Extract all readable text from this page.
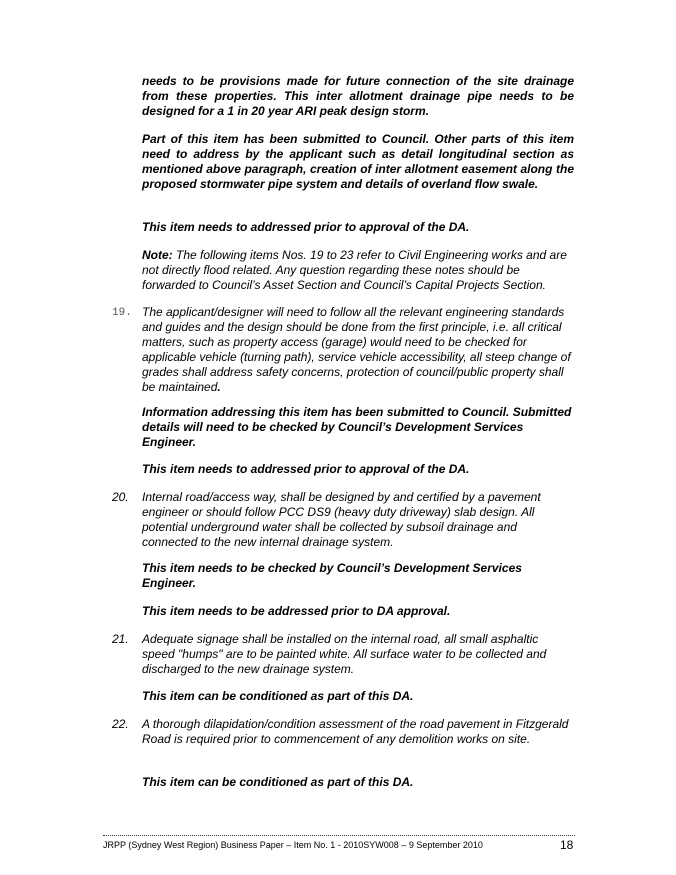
needs to be provisions made for future connection of the site drainage from these properties. This inter allotment drainage pipe needs to be designed for a 1 in 20 year ARI peak design storm.
Part of this item has been submitted to Council. Other parts of this item need to address by the applicant such as detail longitudinal section as mentioned above paragraph, creation of inter allotment easement along the proposed stormwater pipe system and details of overland flow swale.
This item needs to addressed prior to approval of the DA.
Note: The following items Nos. 19 to 23 refer to Civil Engineering works and are not directly flood related. Any question regarding these notes should be forwarded to Council’s Asset Section and Council’s Capital Projects Section.
19. The applicant/designer will need to follow all the relevant engineering standards and guides and the design should be done from the first principle, i.e. all critical matters, such as property access (garage) would need to be checked for applicable vehicle (turning path), service vehicle accessibility, all steep change of grades shall address safety concerns, protection of council/public property shall be maintained.
Information addressing this item has been submitted to Council. Submitted details will need to be checked by Council’s Development Services Engineer.
This item needs to addressed prior to approval of the DA.
20. Internal road/access way, shall be designed by and certified by a pavement engineer or should follow PCC DS9 (heavy duty driveway) slab design. All potential underground water shall be collected by subsoil drainage and connected to the new internal drainage system.
This item needs to be checked by Council’s Development Services Engineer.
This item needs to be addressed prior to DA approval.
21. Adequate signage shall be installed on the internal road, all small asphaltic speed "humps" are to be painted white. All surface water to be collected and discharged to the new drainage system.
This item can be conditioned as part of this DA.
22. A thorough dilapidation/condition assessment of the road pavement in Fitzgerald Road is required prior to commencement of any demolition works on site.
This item can be conditioned as part of this DA.
JRPP (Sydney West Region) Business Paper – Item No. 1 - 2010SYW008 – 9 September 2010	18
